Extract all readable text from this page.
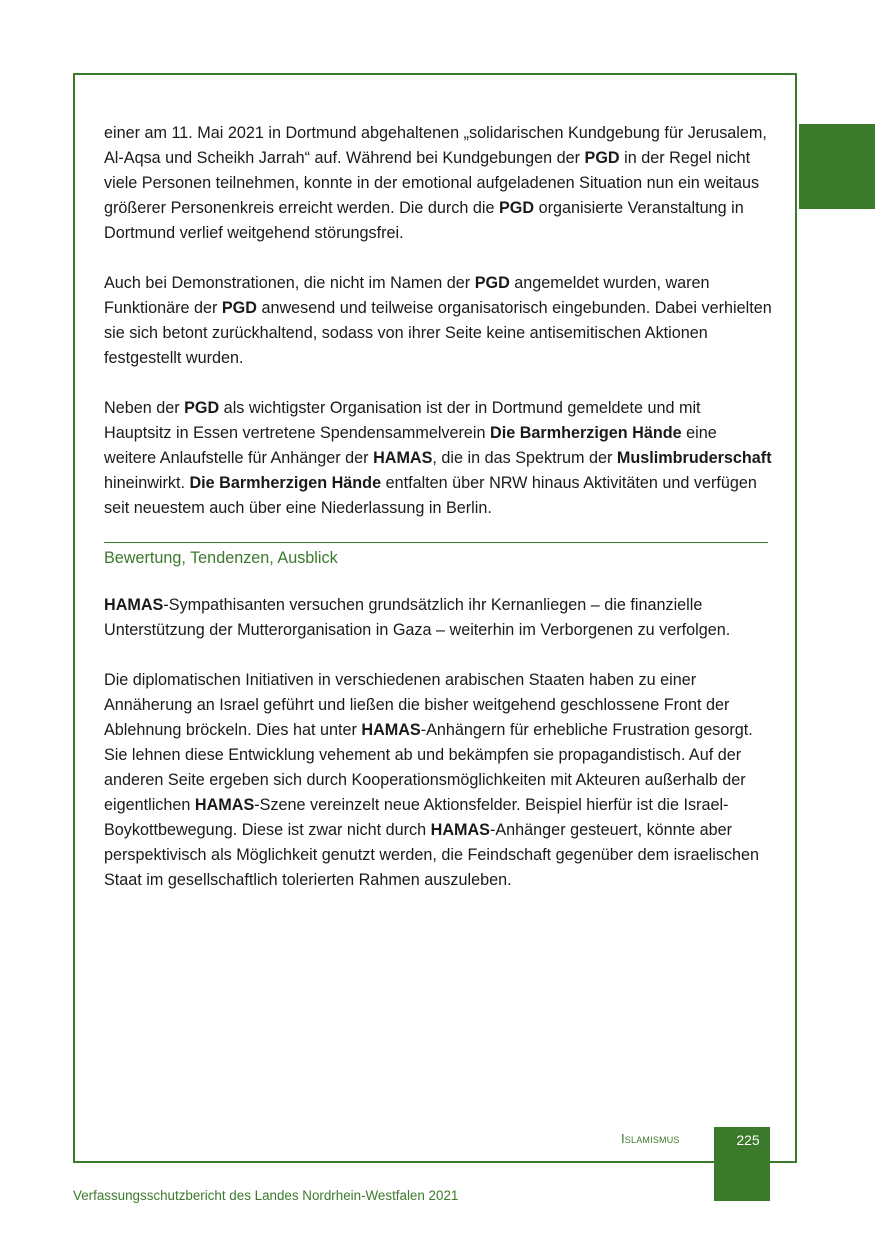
einer am 11. Mai 2021 in Dortmund abgehaltenen „solidarischen Kundgebung für Jerusalem, Al-Aqsa und Scheikh Jarrah“ auf. Während bei Kundgebungen der PGD in der Regel nicht viele Personen teilnehmen, konnte in der emotional aufgeladenen Situation nun ein weitaus größerer Personenkreis erreicht werden. Die durch die PGD organisierte Veranstaltung in Dortmund verlief weitgehend störungsfrei.

Auch bei Demonstrationen, die nicht im Namen der PGD angemeldet wurden, waren Funktionäre der PGD anwesend und teilweise organisatorisch eingebunden. Dabei verhielten sie sich betont zurückhaltend, sodass von ihrer Seite keine antisemitischen Aktionen festgestellt wurden.

Neben der PGD als wichtigster Organisation ist der in Dortmund gemeldete und mit Hauptsitz in Essen vertretene Spendensammelverein Die Barmherzigen Hände eine weitere Anlaufstelle für Anhänger der HAMAS, die in das Spektrum der Muslimbruderschaft hineinwirkt. Die Barmherzigen Hände entfalten über NRW hinaus Aktivitäten und verfügen seit neuestem auch über eine Niederlassung in Berlin.

Bewertung, Tendenzen, Ausblick

HAMAS-Sympathisanten versuchen grundsätzlich ihr Kernanliegen – die finanzielle Unterstützung der Mutterorganisation in Gaza – weiterhin im Verborgenen zu verfolgen.

Die diplomatischen Initiativen in verschiedenen arabischen Staaten haben zu einer Annäherung an Israel geführt und ließen die bisher weitgehend geschlossene Front der Ablehnung bröckeln. Dies hat unter HAMAS-Anhängern für erhebliche Frustration gesorgt. Sie lehnen diese Entwicklung vehement ab und bekämpfen sie propagandistisch. Auf der anderen Seite ergeben sich durch Kooperationsmöglichkeiten mit Akteuren außerhalb der eigentlichen HAMAS-Szene vereinzelt neue Aktionsfelder. Beispiel hierfür ist die Israel-Boykottbewegung. Diese ist zwar nicht durch HAMAS-Anhänger gesteuert, könnte aber perspektivisch als Möglichkeit genutzt werden, die Feindschaft gegenüber dem israelischen Staat im gesellschaftlich tolerierten Rahmen auszuleben.

Islamismus	225
Verfassungsschutzbericht des Landes Nordrhein-Westfalen 2021
